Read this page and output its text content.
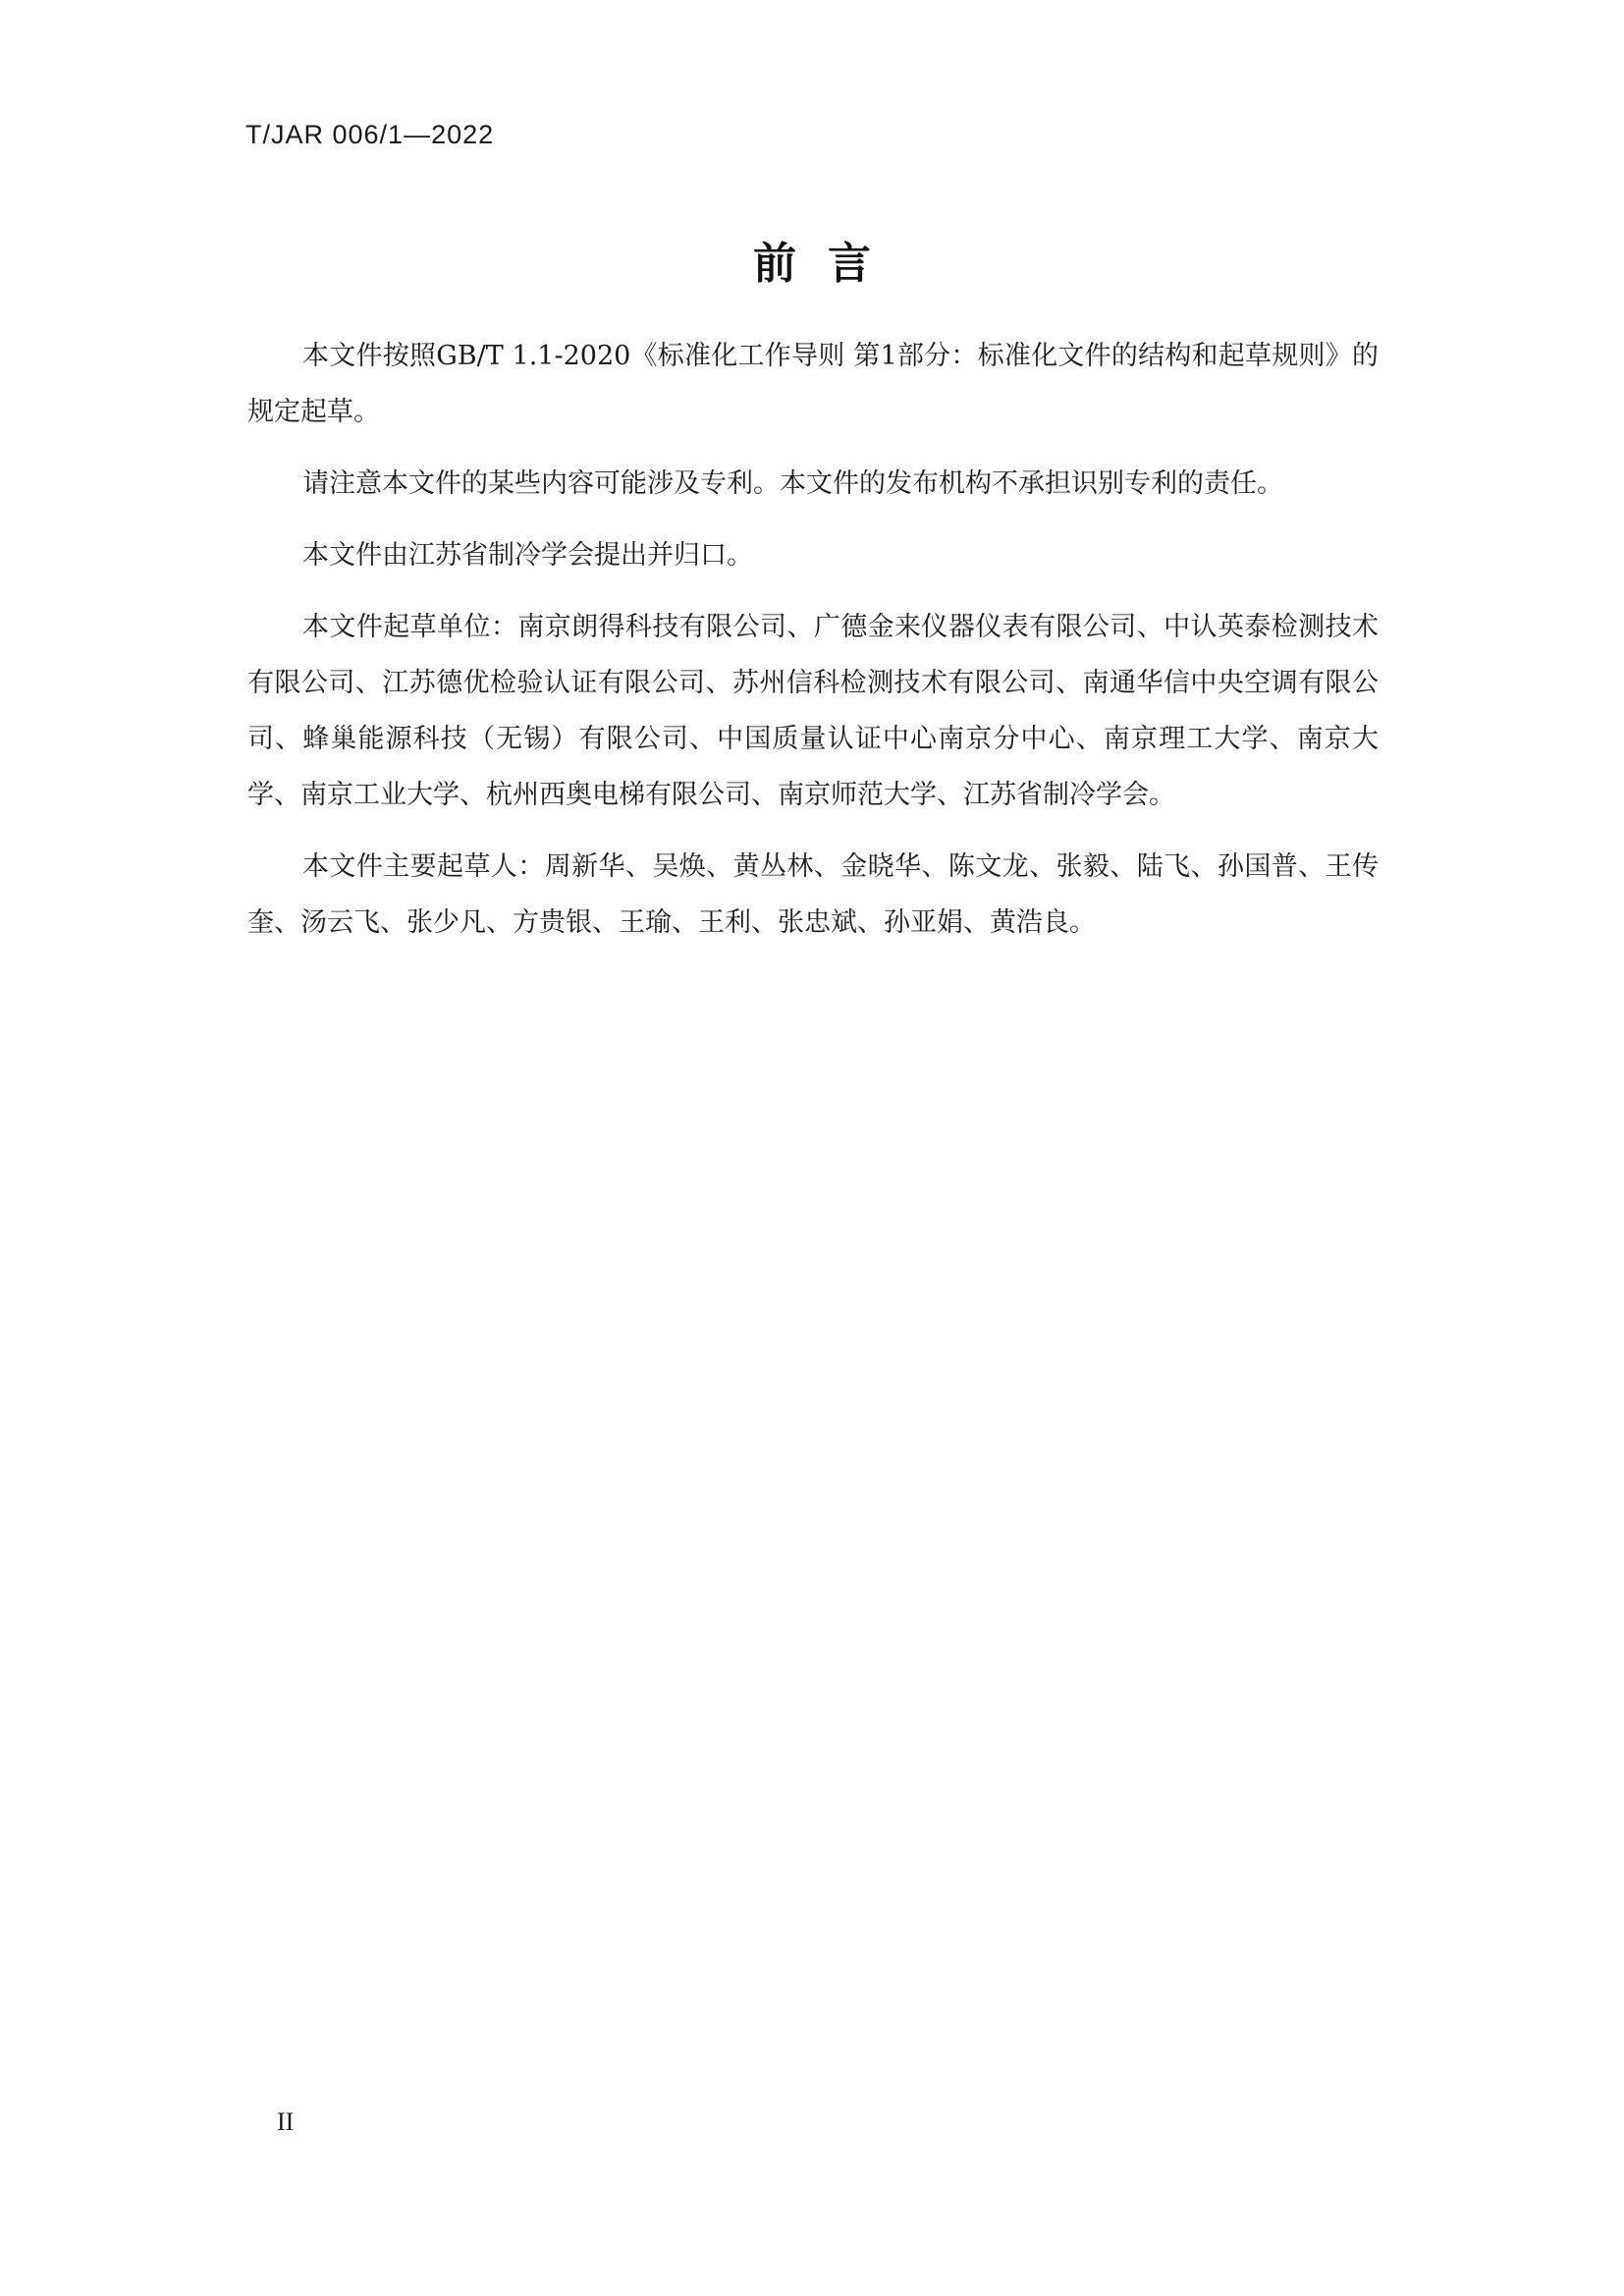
T/JAR 006/1—2022
前言

本文件按照GB/T 1.1-2020《标准化工作导则 第1部分：标准化文件的结构和起草规则》的规定起草。

请注意本文件的某些内容可能涉及专利。本文件的发布机构不承担识别专利的责任。

本文件由江苏省制冷学会提出并归口。

本文件起草单位：南京朗得科技有限公司、广德金来仪器仪表有限公司、中认英泰检测技术有限公司、江苏德优检验认证有限公司、苏州信科检测技术有限公司、南通华信中央空调有限公司、蜂巢能源科技（无锡）有限公司、中国质量认证中心南京分中心、南京理工大学、南京大学、南京工业大学、杭州西奥电梯有限公司、南京师范大学、江苏省制冷学会。

本文件主要起草人：周新华、吴焕、黄丛林、金晓华、陈文龙、张毅、陆飞、孙国普、王传奎、汤云飞、张少凡、方贵银、王瑜、王利、张忠斌、孙亚娟、黄浩良。

II
